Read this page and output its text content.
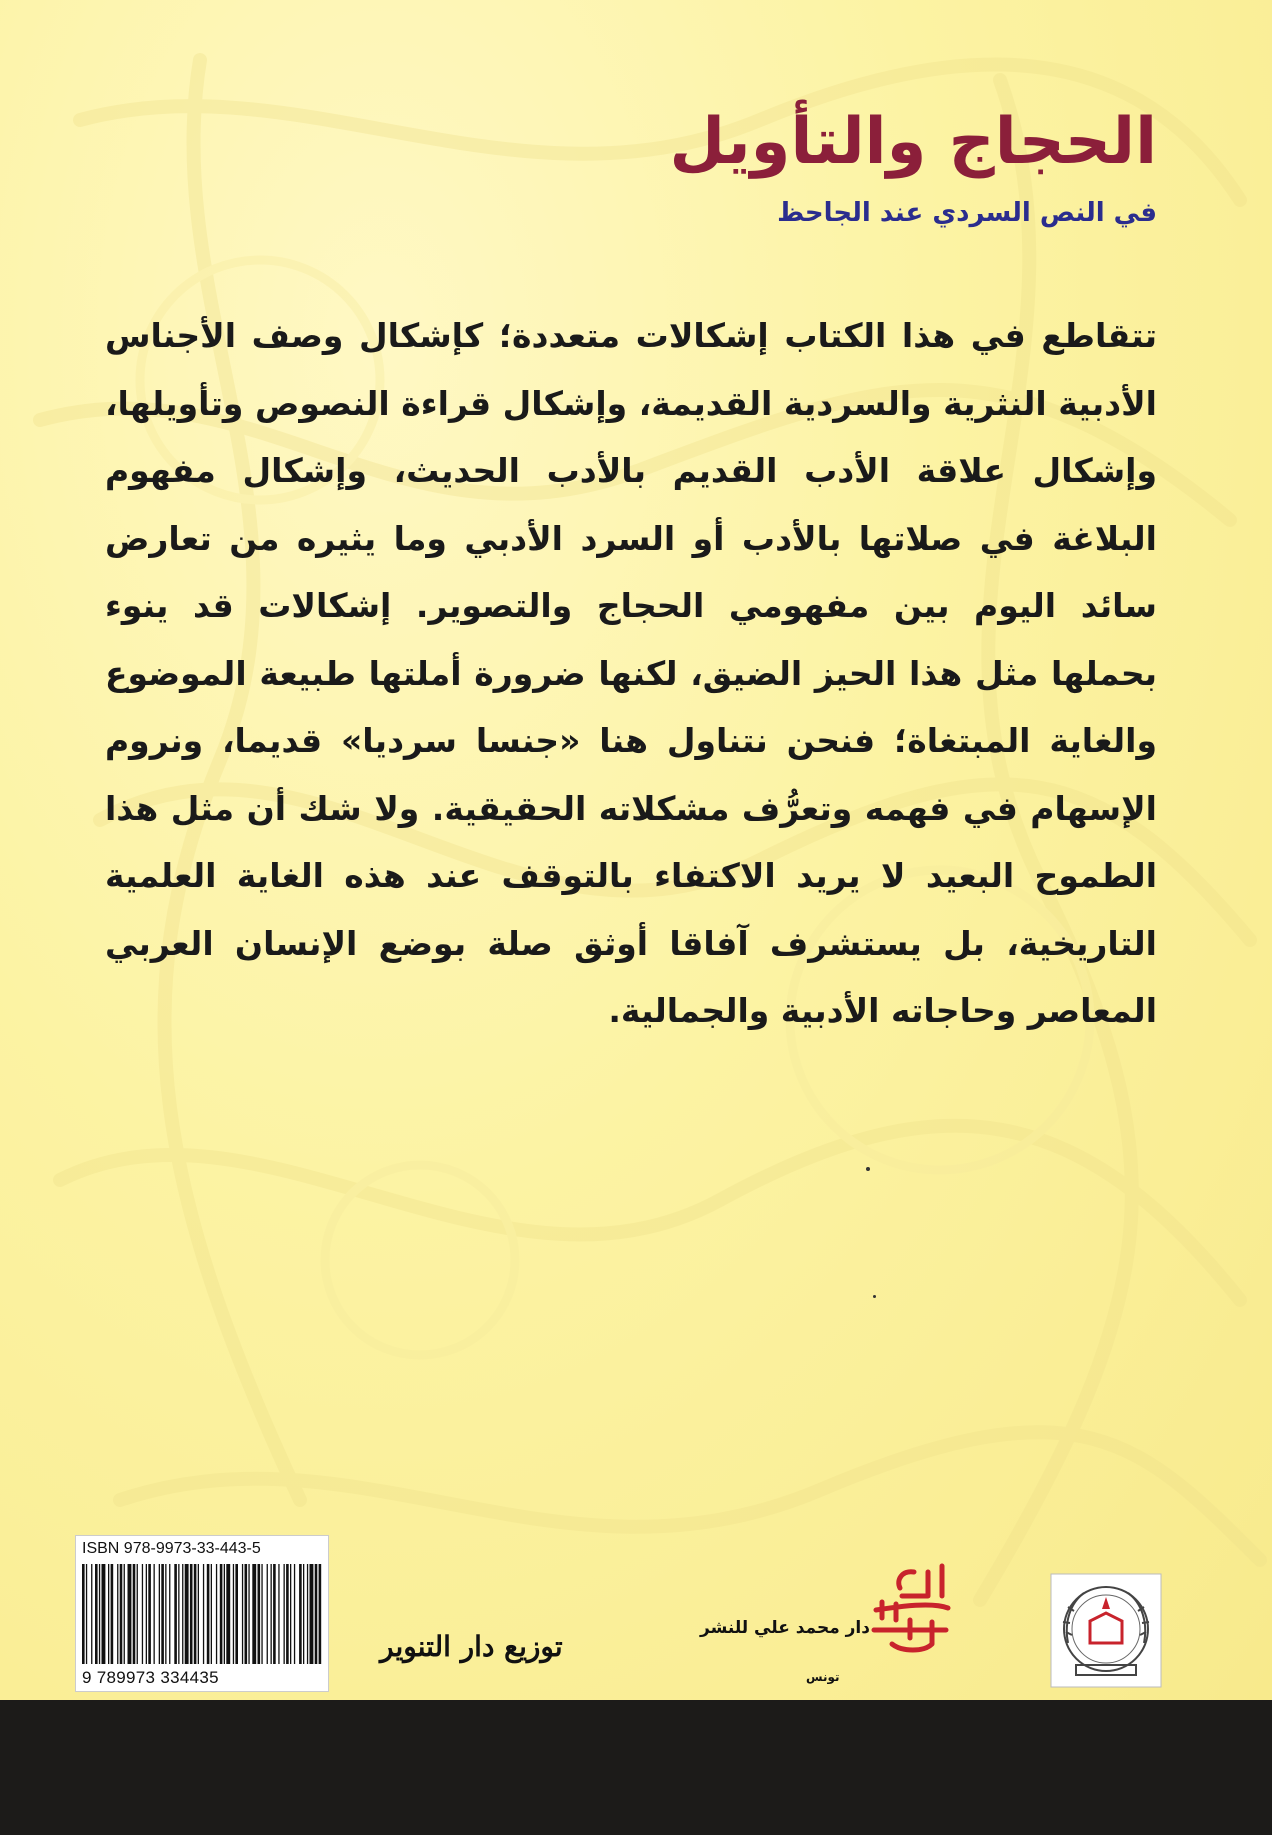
الحجاج والتأويل
في النص السردي عند الجاحظ

تتقاطع في هذا الكتاب إشكالات متعددة؛ كإشكال وصف الأجناس الأدبية النثرية والسردية القديمة، وإشكال قراءة النصوص وتأويلها، وإشكال علاقة الأدب القديم بالأدب الحديث، وإشكال مفهوم البلاغة في صلاتها بالأدب أو السرد الأدبي وما يثيره من تعارض سائد اليوم بين مفهومي الحجاج والتصوير. إشكالات قد ينوء بحملها مثل هذا الحيز الضيق، لكنها ضرورة أملتها طبيعة الموضوع والغاية المبتغاة؛ فنحن نتناول هنا «جنسا سرديا» قديما، ونروم الإسهام في فهمه وتعرُّف مشكلاته الحقيقية. ولا شك أن مثل هذا الطموح البعيد لا يريد الاكتفاء بالتوقف عند هذه الغاية العلمية التاريخية، بل يستشرف آفاقا أوثق صلة بوضع الإنسان العربي المعاصر وحاجاته الأدبية والجمالية.

ISBN 978-9973-33-443-5
9 789973 334435

توزيع دار التنوير

دار محمد علي للنشر

تونس
